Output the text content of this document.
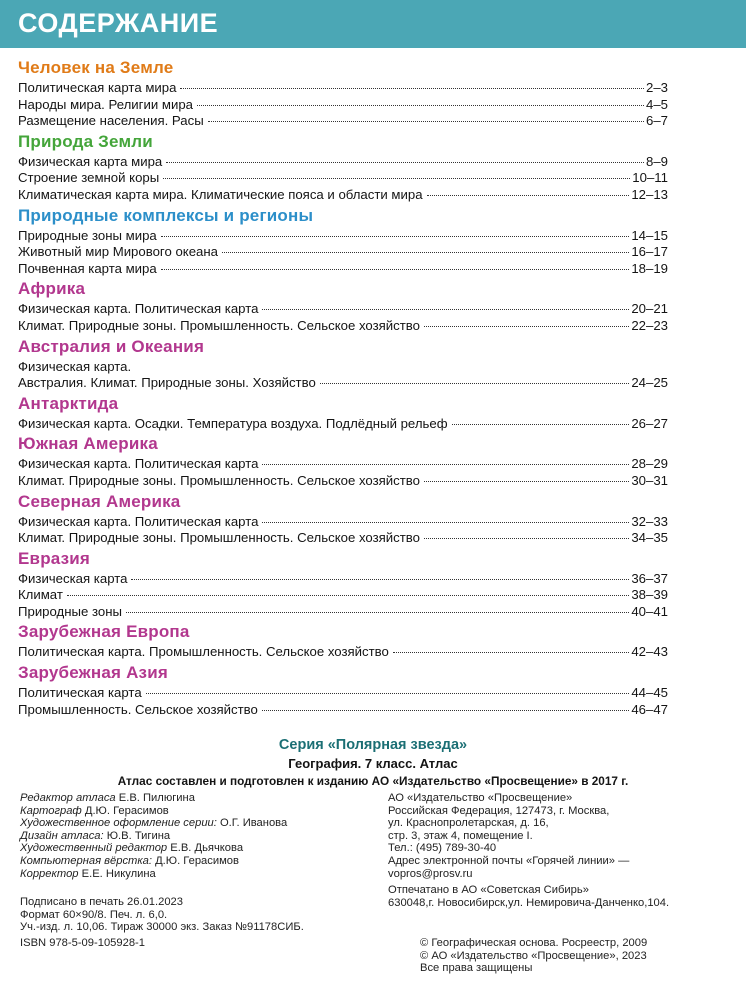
СОДЕРЖАНИЕ
Человек на Земле
Политическая карта мира	2–3
Народы мира. Религии мира	4–5
Размещение населения. Расы	6–7
Природа Земли
Физическая карта мира	8–9
Строение земной коры	10–11
Климатическая карта мира. Климатические пояса и области мира	12–13
Природные комплексы и регионы
Природные зоны мира	14–15
Животный мир Мирового океана	16–17
Почвенная карта мира	18–19
Африка
Физическая карта. Политическая карта	20–21
Климат. Природные зоны. Промышленность. Сельское хозяйство	22–23
Австралия и Океания
Физическая карта.
Австралия. Климат. Природные зоны. Хозяйство	24–25
Антарктида
Физическая карта. Осадки. Температура воздуха. Подлёдный рельеф	26–27
Южная Америка
Физическая карта. Политическая карта	28–29
Климат. Природные зоны. Промышленность. Сельское хозяйство	30–31
Северная Америка
Физическая карта. Политическая карта	32–33
Климат. Природные зоны. Промышленность. Сельское хозяйство	34–35
Евразия
Физическая карта	36–37
Климат	38–39
Природные зоны	40–41
Зарубежная Европа
Политическая карта. Промышленность. Сельское хозяйство	42–43
Зарубежная Азия
Политическая карта	44–45
Промышленность. Сельское хозяйство	46–47
Серия «Полярная звезда»
География. 7 класс. Атлас
Атлас составлен и подготовлен к изданию АО «Издательство «Просвещение» в 2017 г.
Редактор атласа Е.В. Пилюгина
Картограф Д.Ю. Герасимов
Художественное оформление серии: О.Г. Иванова
Дизайн атласа: Ю.В. Тигина
Художественный редактор Е.В. Дьячкова
Компьютерная вёрстка: Д.Ю. Герасимов
Корректор Е.Е. Никулина
Подписано в печать 26.01.2023
Формат 60×90/8. Печ. л. 6,0.
Уч.-изд. л. 10,06. Тираж 30000 экз. Заказ №91178СИБ.
АО «Издательство «Просвещение»
Российская Федерация, 127473, г. Москва,
ул. Краснопролетарская, д. 16,
стр. 3, этаж 4, помещение I.
Тел.: (495) 789-30-40
Адрес электронной почты «Горячей линии» —
vopros@prosv.ru
Отпечатано в АО «Советская Сибирь»
630048,г. Новосибирск,ул. Немировича-Данченко,104.
ISBN 978-5-09-105928-1	© Географическая основа. Росреестр, 2009
© АО «Издательство «Просвещение», 2023
Все права защищены
